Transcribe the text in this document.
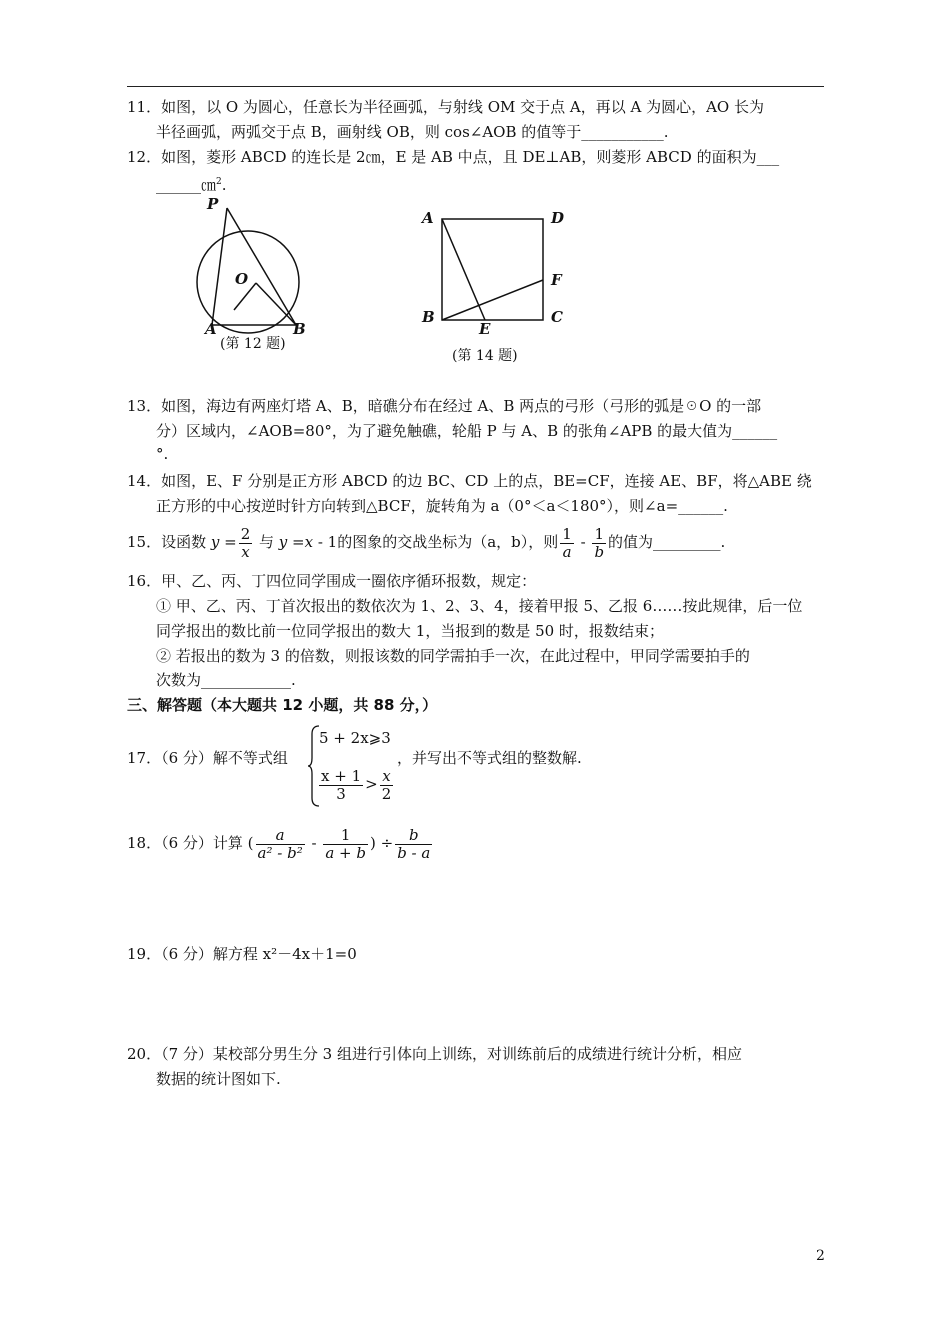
11．如图，以 O 为圆心，任意长为半径画弧，与射线 OM 交于点 A，再以 A 为圆心，AO 长为
半径画弧，两弧交于点 B，画射线 OB，则 cos∠AOB 的值等于___________.
12．如图，菱形 ABCD 的连长是 2㎝，E 是 AB 中点，且 DE⊥AB，则菱形 ABCD 的面积为___
______㎝$^2$.
P
O
A	B
(第 12 题)
A	D
F
B
E
C
(第 14 题)
13．如图，海边有两座灯塔 A、B，暗礁分布在经过 A、B 两点的弓形（弓形的弧是☉O 的一部
分）区域内，∠AOB=80°，为了避免触礁，轮船 P 与 A、B 的张角∠APB 的最大值为______
°.
14．如图，E、F 分别是正方形 ABCD 的边 BC、CD 上的点，BE=CF，连接 AE、BF，将△ABE 绕
正方形的中心按逆时针方向转到△BCF，旋转角为 a（0°＜a＜180°），则∠a=______.
15．设函数 $y = \frac{2}{x}$ 与 y =x - 1的图象的交战坐标为（a，b），则 $\frac{1}{a} - \frac{1}{b}$ 的值为_________.
16．甲、乙、丙、丁四位同学围成一圈依序循环报数，规定：
① 甲、乙、丙、丁首次报出的数依次为 1、2、3、4，接着甲报 5、乙报 6……按此规律，后一位
同学报出的数比前一位同学报出的数大 1，当报到的数是 50 时，报数结束；
② 若报出的数为 3 的倍数，则报该数的同学需拍手一次，在此过程中，甲同学需要拍手的
次数为____________.
三、解答题（本大题共 12 小题，共 88 分，）
17．（6 分）解不等式组
5 + 2x⩾3
$\frac{x + 1}{3} > \frac{x}{2}$
，并写出不等式组的整数解.
18．（6 分）计算 ( $\frac{a}{\text{a² - b²}} - \frac{1}{a + b}$ ) ÷ $\frac{b}{b - a}$
19．（6 分）解方程 x²－4x＋1=0
20．（7 分）某校部分男生分 3 组进行引体向上训练，对训练前后的成绩进行统计分析，相应
数据的统计图如下.
2
